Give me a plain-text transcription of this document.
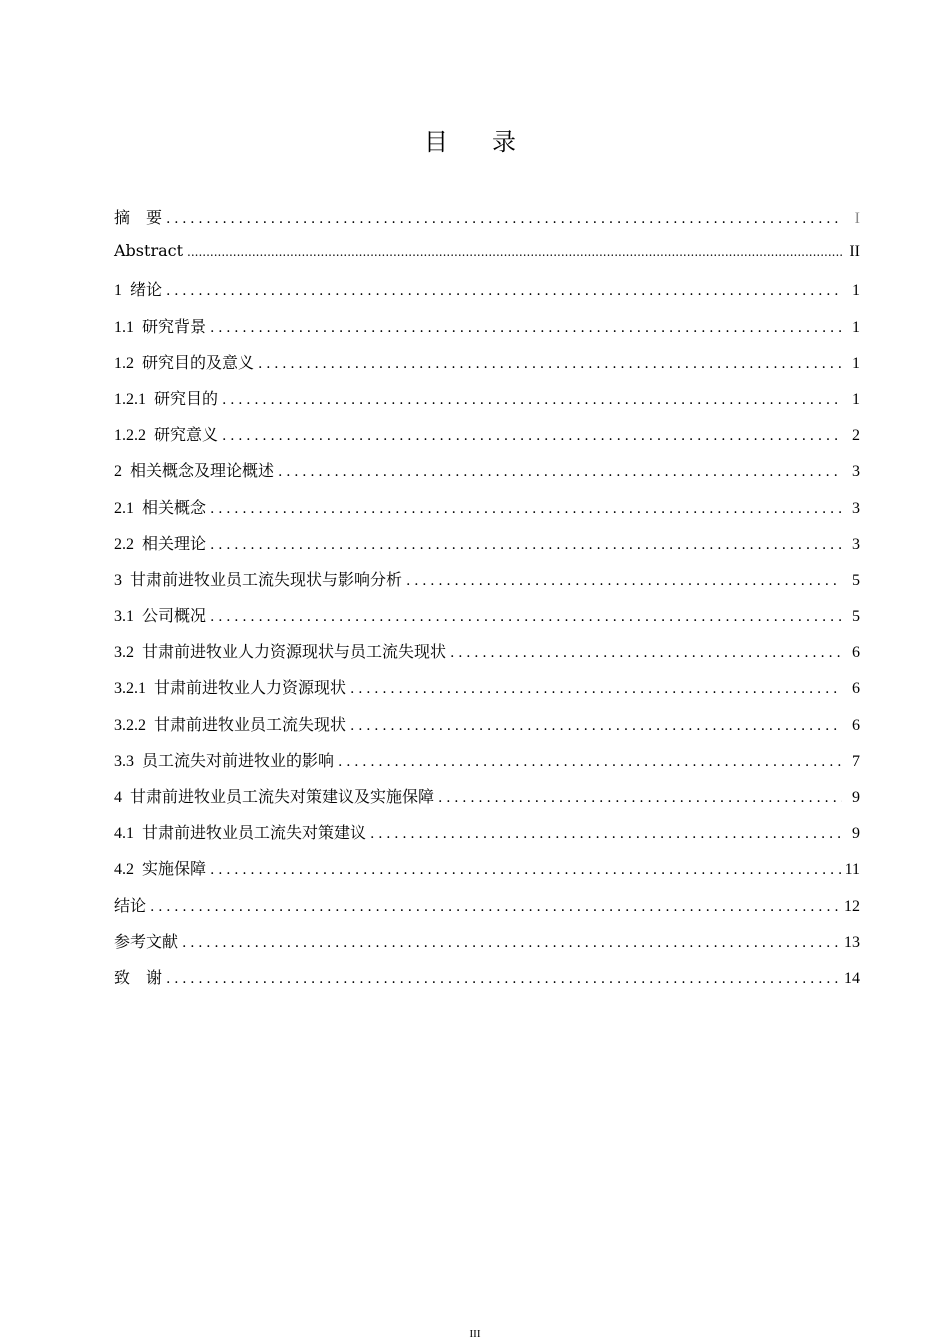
目　录
摘　要 .....	I
Abstract .....	II
1 绪论 .....	1
1.1 研究背景 .....	1
1.2 研究目的及意义 .....	1
1.2.1 研究目的 .....	1
1.2.2 研究意义 .....	2
2 相关概念及理论概述 .....	3
2.1 相关概念 .....	3
2.2 相关理论 .....	3
3 甘肃前进牧业员工流失现状与影响分析 .....	5
3.1 公司概况 .....	5
3.2 甘肃前进牧业人力资源现状与员工流失现状 .....	6
3.2.1 甘肃前进牧业人力资源现状 .....	6
3.2.2 甘肃前进牧业员工流失现状 .....	6
3.3 员工流失对前进牧业的影响 .....	7
4 甘肃前进牧业员工流失对策建议及实施保障 .....	9
4.1 甘肃前进牧业员工流失对策建议 .....	9
4.2 实施保障 .....	11
结论 .....	12
参考文献 .....	13
致　谢 .....	14
III
